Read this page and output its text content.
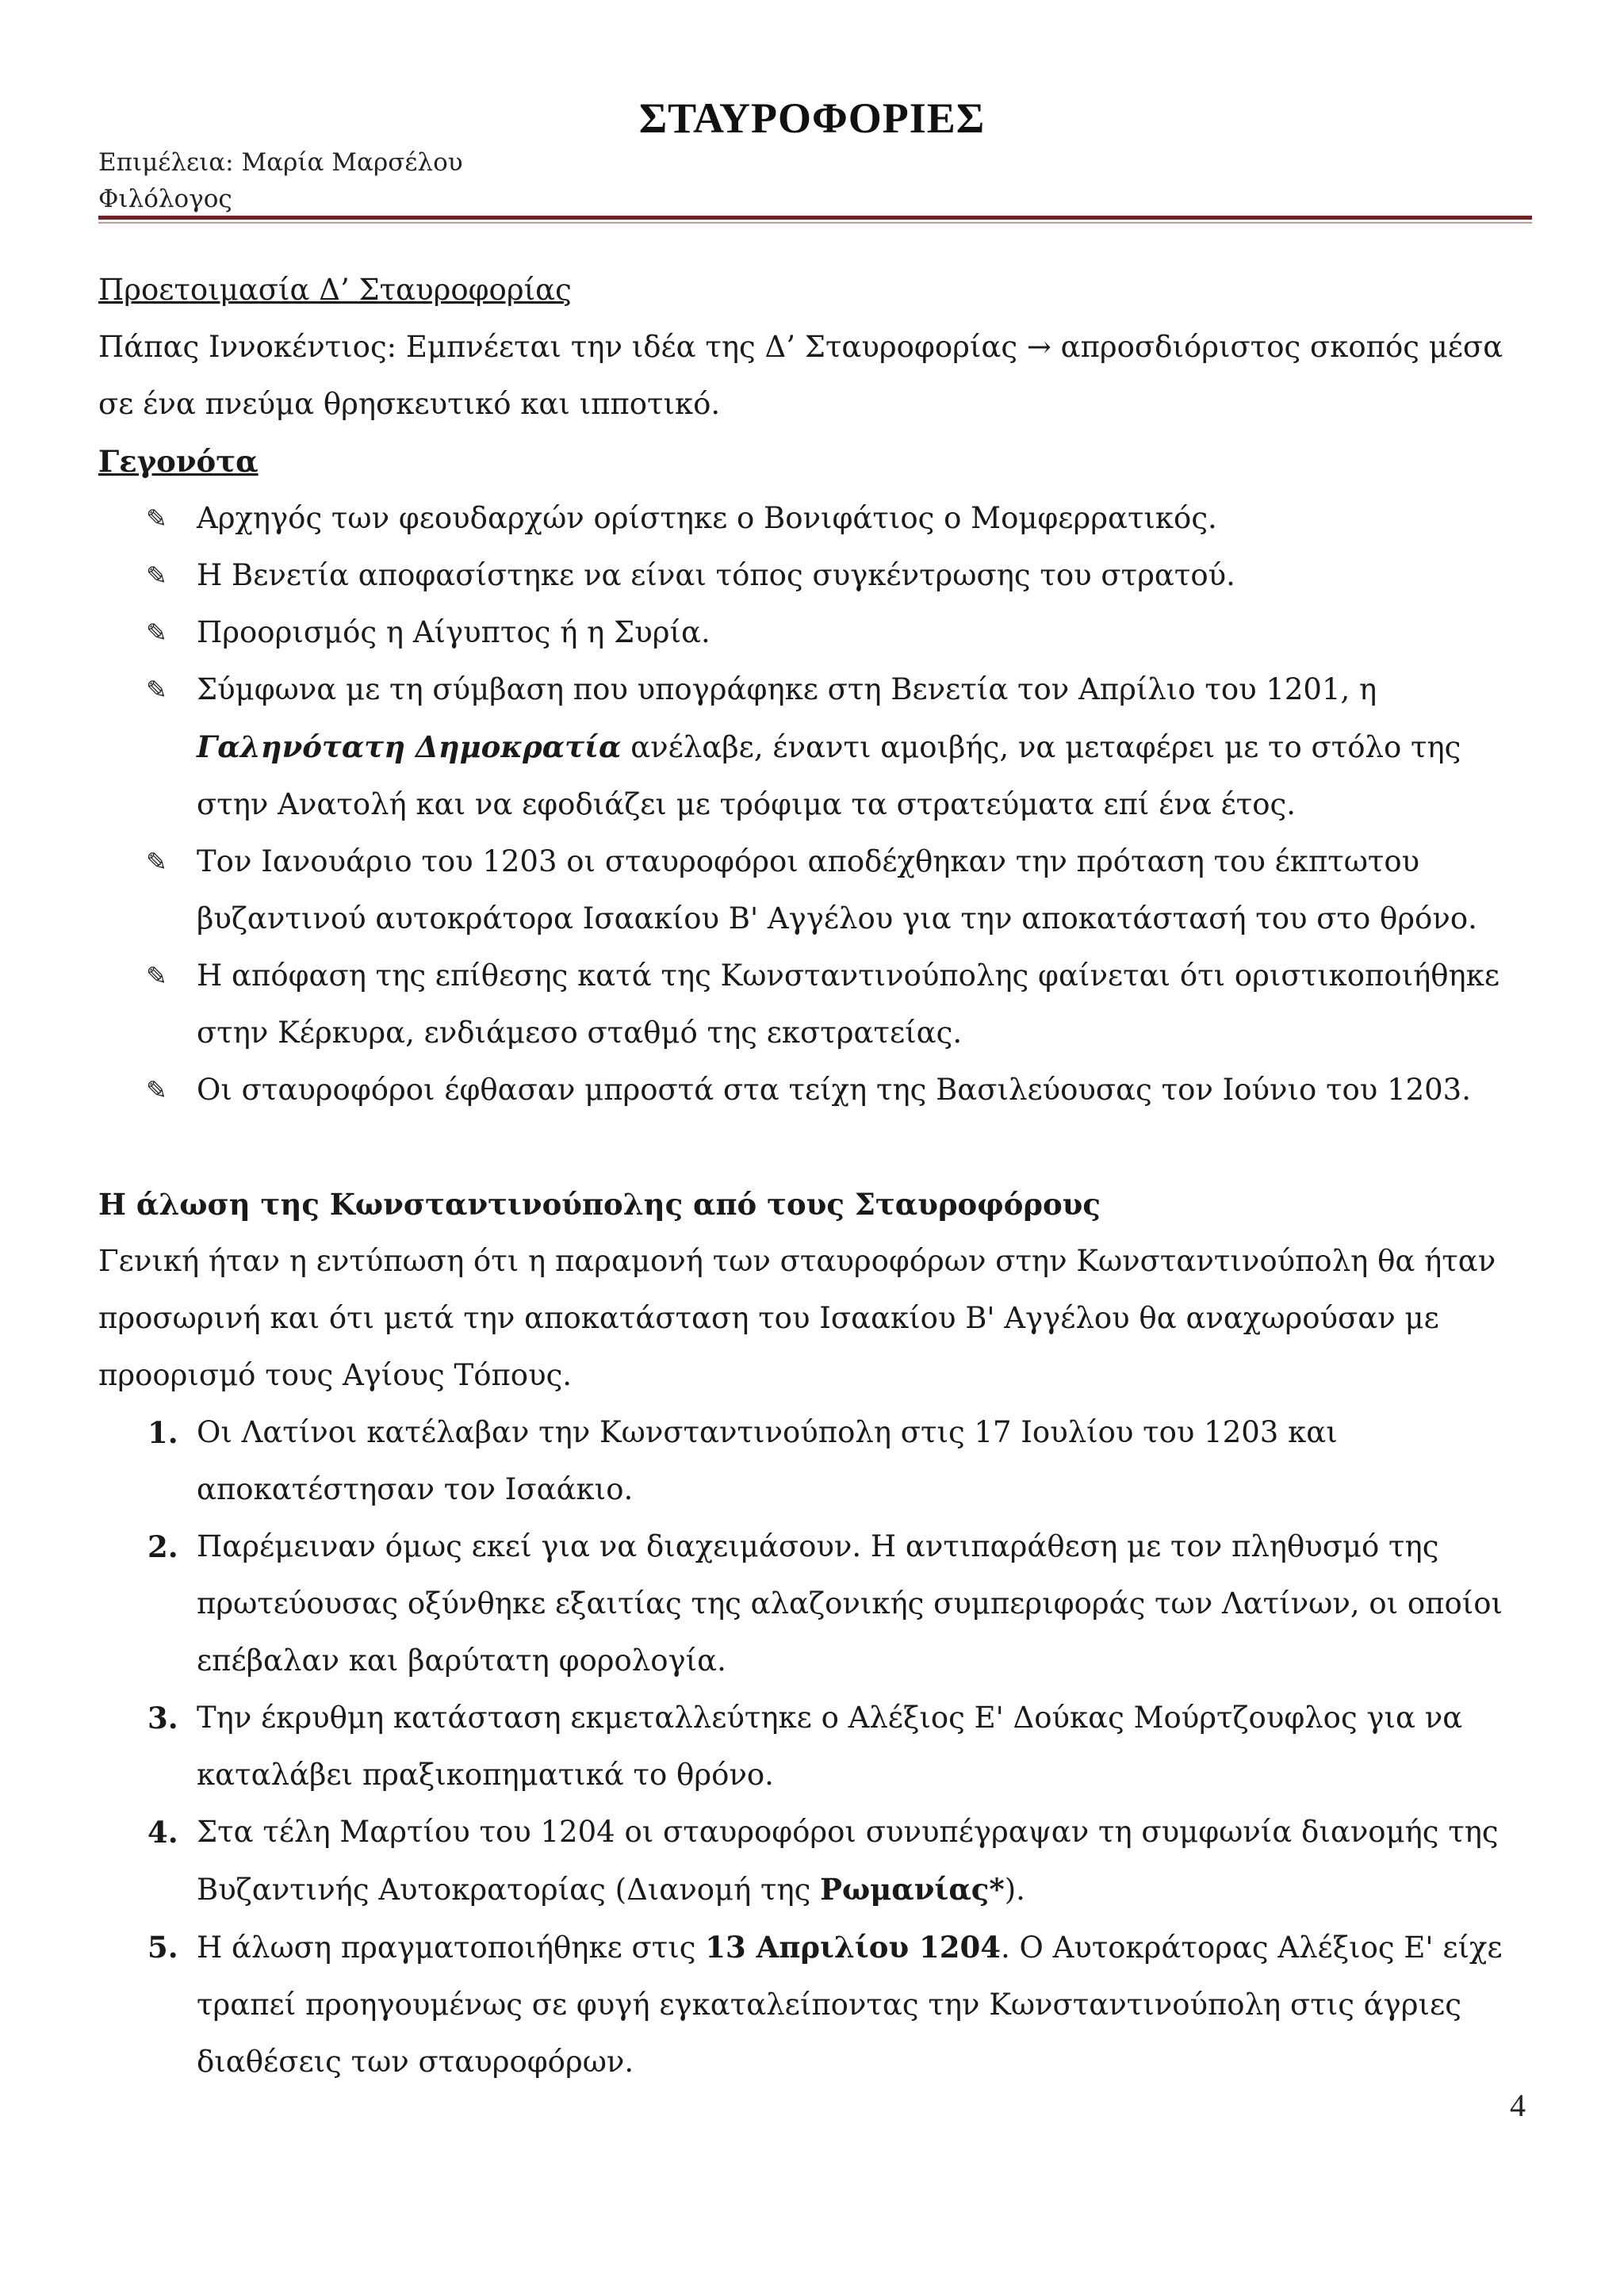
ΣΤΑΥΡΟΦΟΡΙΕΣ
Επιμέλεια: Μαρία Μαρσέλου
Φιλόλογος

Προετοιμασία Δ’ Σταυροφορίας

Πάπας Ιννοκέντιος: Εμπνέεται την ιδέα της Δ’ Σταυροφορίας → απροσδιόριστος σκοπός μέσα σε ένα πνεύμα θρησκευτικό και ιπποτικό.

Γεγονότα

✎	Αρχηγός των φεουδαρχών ορίστηκε ο Βονιφάτιος ο Μομφερρατικός.
✎	Η Βενετία αποφασίστηκε να είναι τόπος συγκέντρωσης του στρατού.
✎	Προορισμός η Αίγυπτος ή η Συρία.
✎	Σύμφωνα με τη σύμβαση που υπογράφηκε στη Βενετία τον Απρίλιο του 1201, η Γαληνότατη Δημοκρατία ανέλαβε, έναντι αμοιβής, να μεταφέρει με το στόλο της στην Ανατολή και να εφοδιάζει με τρόφιμα τα στρατεύματα επί ένα έτος.
✎	Τον Ιανουάριο του 1203 οι σταυροφόροι αποδέχθηκαν την πρόταση του έκπτωτου βυζαντινού αυτοκράτορα Ισαακίου Β' Αγγέλου για την αποκατάστασή του στο θρόνο.
✎	Η απόφαση της επίθεσης κατά της Κωνσταντινούπολης φαίνεται ότι οριστικοποιήθηκε στην Κέρκυρα, ενδιάμεσο σταθμό της εκστρατείας.
✎	Οι σταυροφόροι έφθασαν μπροστά στα τείχη της Βασιλεύουσας τον Ιούνιο του 1203.

Η άλωση της Κωνσταντινούπολης από τους Σταυροφόρους

Γενική ήταν η εντύπωση ότι η παραμονή των σταυροφόρων στην Κωνσταντινούπολη θα ήταν προσωρινή και ότι μετά την αποκατάσταση του Ισαακίου Β' Αγγέλου θα αναχωρούσαν με προορισμό τους Αγίους Τόπους.

1. Οι Λατίνοι κατέλαβαν την Κωνσταντινούπολη στις 17 Ιουλίου του 1203 και αποκατέστησαν τον Ισαάκιο.
2. Παρέμειναν όμως εκεί για να διαχειμάσουν. Η αντιπαράθεση με τον πληθυσμό της πρωτεύουσας οξύνθηκε εξαιτίας της αλαζονικής συμπεριφοράς των Λατίνων, οι οποίοι επέβαλαν και βαρύτατη φορολογία.
3. Την έκρυθμη κατάσταση εκμεταλλεύτηκε ο Αλέξιος Ε' Δούκας Μούρτζουφλος για να καταλάβει πραξικοπηματικά το θρόνο.
4. Στα τέλη Μαρτίου του 1204 οι σταυροφόροι συνυπέγραψαν τη συμφωνία διανομής της Βυζαντινής Αυτοκρατορίας (Διανομή της Ρωμανίας*).
5. Η άλωση πραγματοποιήθηκε στις 13 Απριλίου 1204. Ο Αυτοκράτορας Αλέξιος Ε' είχε τραπεί προηγουμένως σε φυγή εγκαταλείποντας την Κωνσταντινούπολη στις άγριες διαθέσεις των σταυροφόρων.
4
